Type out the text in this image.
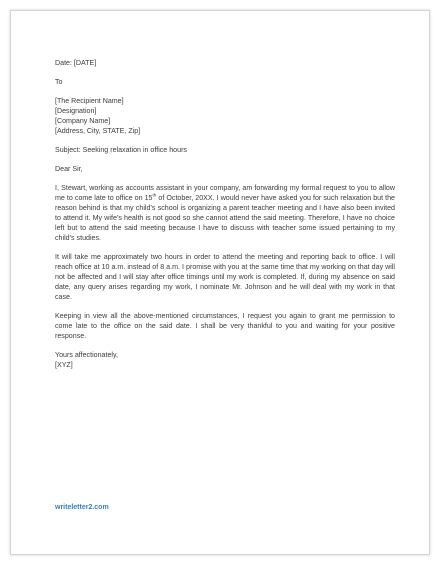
Date: [DATE]
To
[The Recipient Name]
[Designation]
[Company Name]
[Address, City, STATE, Zip]
Subject: Seeking relaxation in office hours
Dear Sir,
I, Stewart, working as accounts assistant in your company, am forwarding my formal request to you to allow me to come late to office on 15th of October, 20XX. I would never have asked you for such relaxation but the reason behind is that my child’s school is organizing a parent teacher meeting and I have also been invited to attend it. My wife’s health is not good so she cannot attend the said meeting. Therefore, I have no choice left but to attend the said meeting because I have to discuss with teacher some issued pertaining to my child’s studies.
It will take me approximately two hours in order to attend the meeting and reporting back to office. I will reach office at 10 a.m. instead of 8 a.m. I promise with you at the same time that my working on that day will not be affected and I will stay after office timings until my work is completed. If, during my absence on said date, any query arises regarding my work, I nominate Mr. Johnson and he will deal with my work in that case.
Keeping in view all the above-mentioned circumstances, I request you again to grant me permission to come late to the office on the said date. I shall be very thankful to you and waiting for your positive response.
Yours affectionately,
[XYZ]
writeletter2.com
